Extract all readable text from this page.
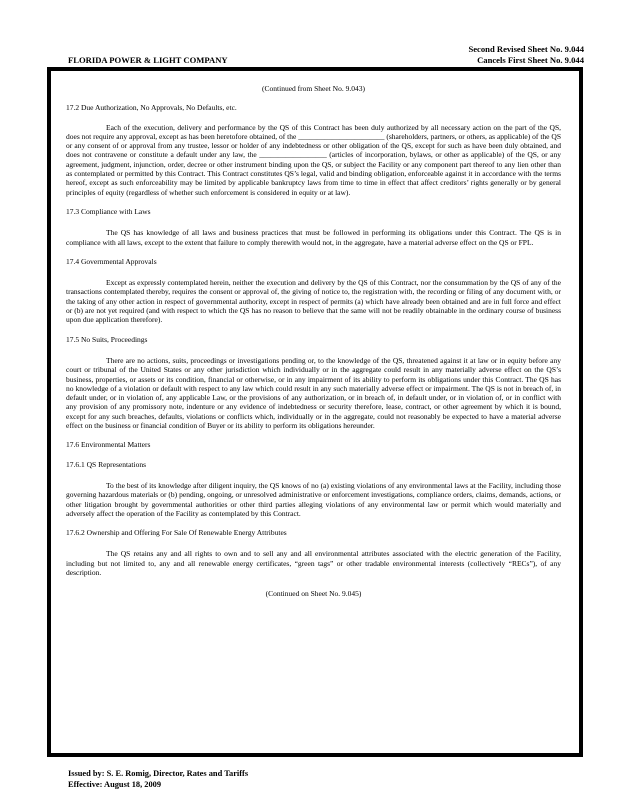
Second Revised Sheet No. 9.044
Cancels First Sheet No. 9.044
FLORIDA POWER & LIGHT COMPANY

(Continued from Sheet No. 9.043)

17.2 Due Authorization, No Approvals, No Defaults, etc.

Each of the execution, delivery and performance by the QS of this Contract has been duly authorized by all necessary action on the part of the QS, does not require any approval, except as has been heretofore obtained, of the _______________________ (shareholders, partners, or others, as applicable) of the QS or any consent of or approval from any trustee, lessor or holder of any indebtedness or other obligation of the QS, except for such as have been duly obtained, and does not contravene or constitute a default under any law, the __________________ (articles of incorporation, bylaws, or other as applicable) of the QS, or any agreement, judgment, injunction, order, decree or other instrument binding upon the QS, or subject the Facility or any component part thereof to any lien other than as contemplated or permitted by this Contract. This Contract constitutes QS’s legal, valid and binding obligation, enforceable against it in accordance with the terms hereof, except as such enforceability may be limited by applicable bankruptcy laws from time to time in effect that affect creditors’ rights generally or by general principles of equity (regardless of whether such enforcement is considered in equity or at law).

17.3 Compliance with Laws

The QS has knowledge of all laws and business practices that must be followed in performing its obligations under this Contract. The QS is in compliance with all laws, except to the extent that failure to comply therewith would not, in the aggregate, have a material adverse effect on the QS or FPL.

17.4 Governmental Approvals

Except as expressly contemplated herein, neither the execution and delivery by the QS of this Contract, nor the consummation by the QS of any of the transactions contemplated thereby, requires the consent or approval of, the giving of notice to, the registration with, the recording or filing of any document with, or the taking of any other action in respect of governmental authority, except in respect of permits (a) which have already been obtained and are in full force and effect or (b) are not yet required (and with respect to which the QS has no reason to believe that the same will not be readily obtainable in the ordinary course of business upon due application therefore).

17.5 No Suits, Proceedings

There are no actions, suits, proceedings or investigations pending or, to the knowledge of the QS, threatened against it at law or in equity before any court or tribunal of the United States or any other jurisdiction which individually or in the aggregate could result in any materially adverse effect on the QS’s business, properties, or assets or its condition, financial or otherwise, or in any impairment of its ability to perform its obligations under this Contract. The QS has no knowledge of a violation or default with respect to any law which could result in any such materially adverse effect or impairment. The QS is not in breach of, in default under, or in violation of, any applicable Law, or the provisions of any authorization, or in breach of, in default under, or in violation of, or in conflict with any provision of any promissory note, indenture or any evidence of indebtedness or security therefore, lease, contract, or other agreement by which it is bound, except for any such breaches, defaults, violations or conflicts which, individually or in the aggregate, could not reasonably be expected to have a material adverse effect on the business or financial condition of Buyer or its ability to perform its obligations hereunder.

17.6 Environmental Matters

17.6.1 QS Representations

To the best of its knowledge after diligent inquiry, the QS knows of no (a) existing violations of any environmental laws at the Facility, including those governing hazardous materials or (b) pending, ongoing, or unresolved administrative or enforcement investigations, compliance orders, claims, demands, actions, or other litigation brought by governmental authorities or other third parties alleging violations of any environmental law or permit which would materially and adversely affect the operation of the Facility as contemplated by this Contract.

17.6.2 Ownership and Offering For Sale Of Renewable Energy Attributes

The QS retains any and all rights to own and to sell any and all environmental attributes associated with the electric generation of the Facility, including but not limited to, any and all renewable energy certificates, “green tags” or other tradable environmental interests (collectively “RECs”), of any description.

(Continued on Sheet No. 9.045)

Issued by: S. E. Romig, Director, Rates and Tariffs
Effective: August 18, 2009
